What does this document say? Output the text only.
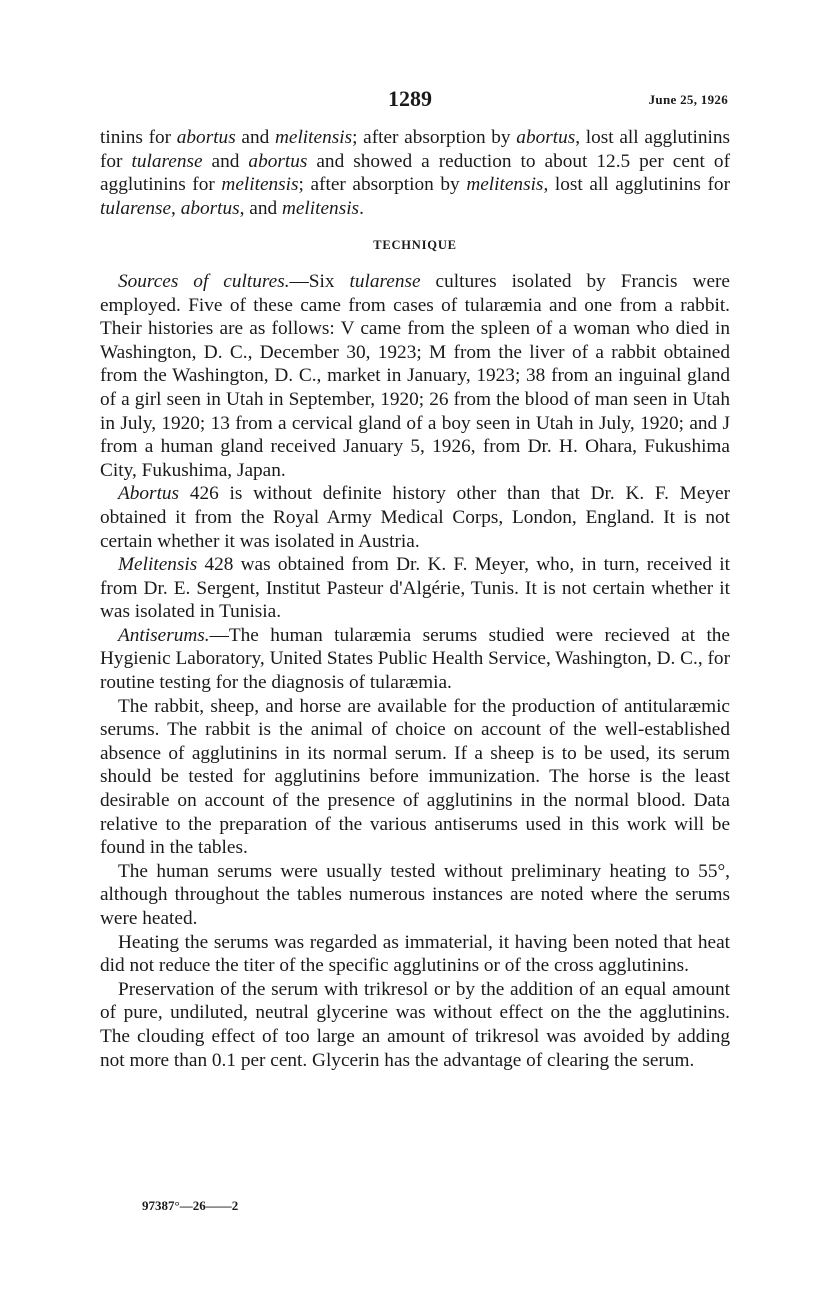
1289	June 25, 1926

tinins for abortus and melitensis; after absorption by abortus, lost all agglutinins for tularense and abortus and showed a reduction to about 12.5 per cent of agglutinins for melitensis; after absorption by melitensis, lost all agglutinins for tularense, abortus, and melitensis.

TECHNIQUE

Sources of cultures.—Six tularense cultures isolated by Francis were employed. Five of these came from cases of tularæmia and one from a rabbit. Their histories are as follows: V came from the spleen of a woman who died in Washington, D. C., December 30, 1923; M from the liver of a rabbit obtained from the Washington, D. C., market in January, 1923; 38 from an inguinal gland of a girl seen in Utah in September, 1920; 26 from the blood of man seen in Utah in July, 1920; 13 from a cervical gland of a boy seen in Utah in July, 1920; and J from a human gland received January 5, 1926, from Dr. H. Ohara, Fukushima City, Fukushima, Japan.

Abortus 426 is without definite history other than that Dr. K. F. Meyer obtained it from the Royal Army Medical Corps, London, England. It is not certain whether it was isolated in Austria.

Melitensis 428 was obtained from Dr. K. F. Meyer, who, in turn, received it from Dr. E. Sergent, Institut Pasteur d'Algérie, Tunis. It is not certain whether it was isolated in Tunisia.

Antiserums.—The human tularæmia serums studied were recieved at the Hygienic Laboratory, United States Public Health Service, Washington, D. C., for routine testing for the diagnosis of tularæmia.

The rabbit, sheep, and horse are available for the production of antitularæmic serums. The rabbit is the animal of choice on account of the well-established absence of agglutinins in its normal serum. If a sheep is to be used, its serum should be tested for agglutinins before immunization. The horse is the least desirable on account of the presence of agglutinins in the normal blood. Data relative to the preparation of the various antiserums used in this work will be found in the tables.

The human serums were usually tested without preliminary heating to 55°, although throughout the tables numerous instances are noted where the serums were heated.

Heating the serums was regarded as immaterial, it having been noted that heat did not reduce the titer of the specific agglutinins or of the cross agglutinins.

Preservation of the serum with trikresol or by the addition of an equal amount of pure, undiluted, neutral glycerine was without effect on the the agglutinins. The clouding effect of too large an amount of trikresol was avoided by adding not more than 0.1 per cent. Glycerin has the advantage of clearing the serum.

97387°—26——2
